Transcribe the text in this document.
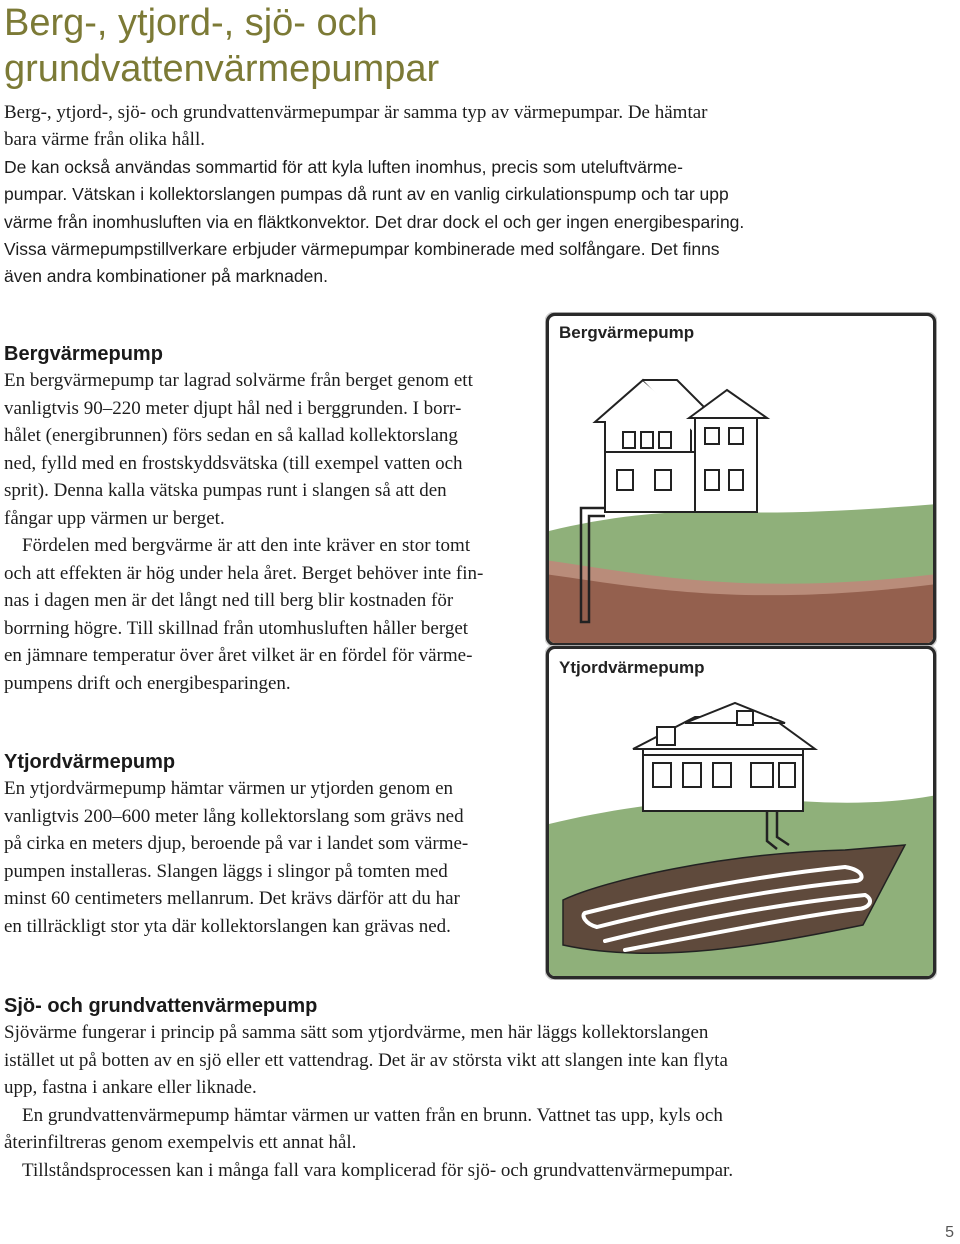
Berg-, ytjord-, sjö- och
grundvattenvärmepumpar
Berg-, ytjord-, sjö- och grundvattenvärmepumpar är samma typ av värmepumpar. De hämtar
bara värme från olika håll.
De kan också användas sommartid för att kyla luften inomhus, precis som uteluftvärme-
pumpar. Vätskan i kollektorslangen pumpas då runt av en vanlig cirkulationspump och tar upp
värme från inomhusluften via en fläktkonvektor. Det drar dock el och ger ingen energibesparing.
Vissa värmepumpstillverkare erbjuder värmepumpar kombinerade med solfångare. Det finns
även andra kombinationer på marknaden.
Bergvärmepump
En bergvärmepump tar lagrad solvärme från berget genom ett
vanligtvis 90–220 meter djupt hål ned i berggrunden. I borr-
hålet (energibrunnen) förs sedan en så kallad kollektorslang
ned, fylld med en frostskyddsvätska (till exempel vatten och
sprit). Denna kalla vätska pumpas runt i slangen så att den
fångar upp värmen ur berget.
Fördelen med bergvärme är att den inte kräver en stor tomt
och att effekten är hög under hela året. Berget behöver inte fin-
nas i dagen men är det långt ned till berg blir kostnaden för
borrning högre. Till skillnad från utomhusluften håller berget
en jämnare temperatur över året vilket är en fördel för värme-
pumpens drift och energibesparingen.
Ytjordvärmepump
En ytjordvärmepump hämtar värmen ur ytjorden genom en
vanligtvis 200–600 meter lång kollektorslang som grävs ned
på cirka en meters djup, beroende på var i landet som värme-
pumpen installeras. Slangen läggs i slingor på tomten med
minst 60 centimeters mellanrum. Det krävs därför att du har
en tillräckligt stor yta där kollektorslangen kan grävas ned.
Sjö- och grundvattenvärmepump
Sjövärme fungerar i princip på samma sätt som ytjordvärme, men här läggs kollektorslangen
istället ut på botten av en sjö eller ett vattendrag. Det är av största vikt att slangen inte kan flyta
upp, fastna i ankare eller liknade.
En grundvattenvärmepump hämtar värmen ur vatten från en brunn. Vattnet tas upp, kyls och
återinfiltreras genom exempelvis ett annat hål.
Tillståndsprocessen kan i många fall vara komplicerad för sjö- och grundvattenvärmepumpar.
Bergvärmepump
Ytjordvärmepump
5
